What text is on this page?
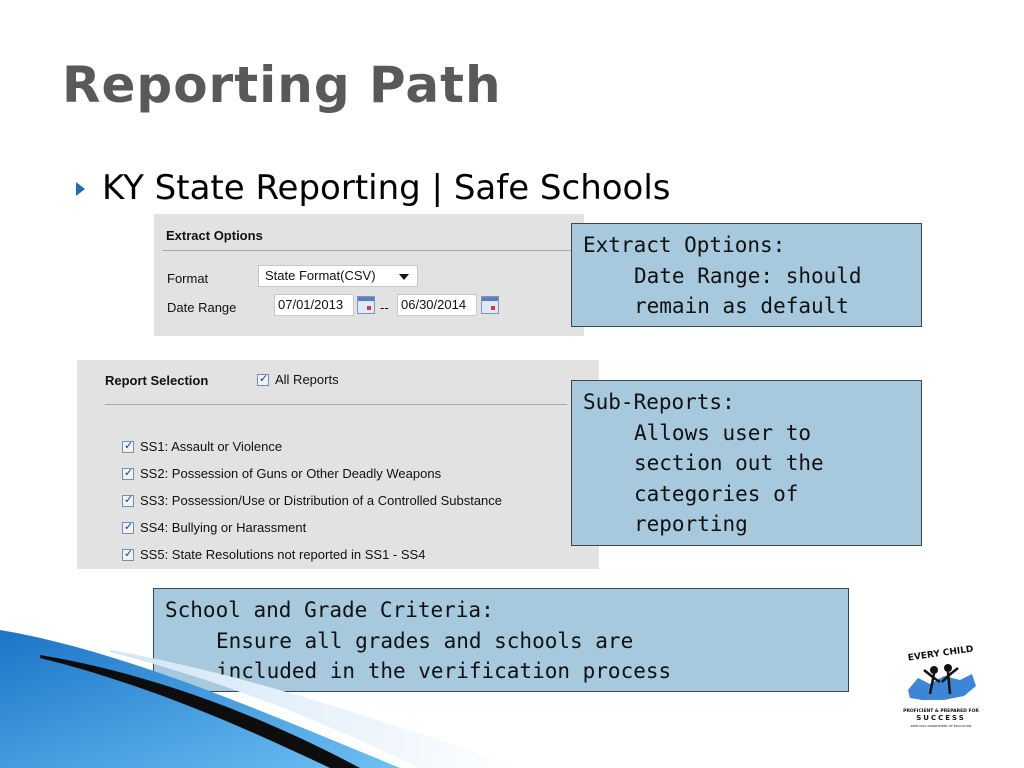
Reporting Path
KY State Reporting | Safe Schools
Extract Options
Format	State Format(CSV)
Date Range	07/01/2013	-- 06/30/2014
Report Selection
✓	All Reports
✓
SS1: Assault or Violence
✓
SS2: Possession of Guns or Other Deadly Weapons
✓
SS3: Possession/Use or Distribution of a Controlled Substance
✓
SS4: Bullying or Harassment
✓
SS5: State Resolutions not reported in SS1 - SS4
Extract Options:
Date Range: should
remain as default
Sub-Reports:
Allows user to
section out the
categories of
reporting
School and Grade Criteria:
Ensure all grades and schools are
included in the verification process
EVERY CHILD
PROFICIENT & PREPARED FOR
SUCCESS
KENTUCKY DEPARTMENT OF EDUCATION
